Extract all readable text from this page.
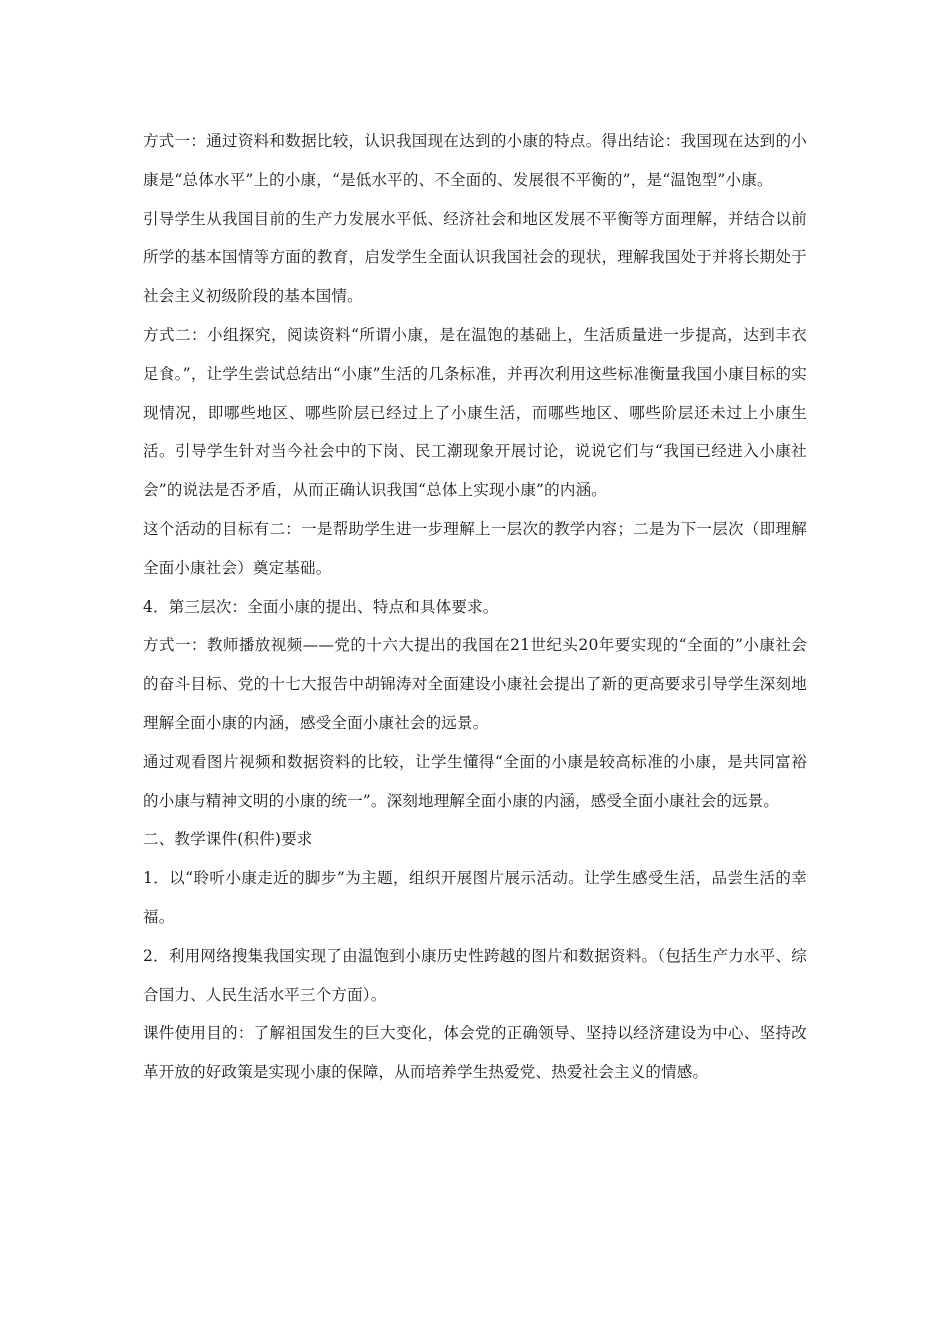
方式一：通过资料和数据比较，认识我国现在达到的小康的特点。得出结论：我国现在达到的小康是“总体水平”上的小康，“是低水平的、不全面的、发展很不平衡的”，是“温饱型”小康。

引导学生从我国目前的生产力发展水平低、经济社会和地区发展不平衡等方面理解，并结合以前所学的基本国情等方面的教育，启发学生全面认识我国社会的现状，理解我国处于并将长期处于社会主义初级阶段的基本国情。

方式二：小组探究，阅读资料“所谓小康，是在温饱的基础上，生活质量进一步提高，达到丰衣足食。”，让学生尝试总结出“小康”生活的几条标准，并再次利用这些标准衡量我国小康目标的实现情况，即哪些地区、哪些阶层已经过上了小康生活，而哪些地区、哪些阶层还未过上小康生活。引导学生针对当今社会中的下岗、民工潮现象开展讨论，说说它们与“我国已经进入小康社会”的说法是否矛盾，从而正确认识我国“总体上实现小康”的内涵。

这个活动的目标有二：一是帮助学生进一步理解上一层次的教学内容；二是为下一层次（即理解全面小康社会）奠定基础。

4．第三层次：全面小康的提出、特点和具体要求。

方式一：教师播放视频——党的十六大提出的我国在21世纪头20年要实现的“全面的”小康社会的奋斗目标、党的十七大报告中胡锦涛对全面建设小康社会提出了新的更高要求引导学生深刻地理解全面小康的内涵，感受全面小康社会的远景。

通过观看图片视频和数据资料的比较，让学生懂得“全面的小康是较高标准的小康，是共同富裕的小康与精神文明的小康的统一”。深刻地理解全面小康的内涵，感受全面小康社会的远景。

二、教学课件(积件)要求

1．以“聆听小康走近的脚步”为主题，组织开展图片展示活动。让学生感受生活，品尝生活的幸福。

2．利用网络搜集我国实现了由温饱到小康历史性跨越的图片和数据资料。（包括生产力水平、综合国力、人民生活水平三个方面）。

课件使用目的：了解祖国发生的巨大变化，体会党的正确领导、坚持以经济建设为中心、坚持改革开放的好政策是实现小康的保障，从而培养学生热爱党、热爱社会主义的情感。
